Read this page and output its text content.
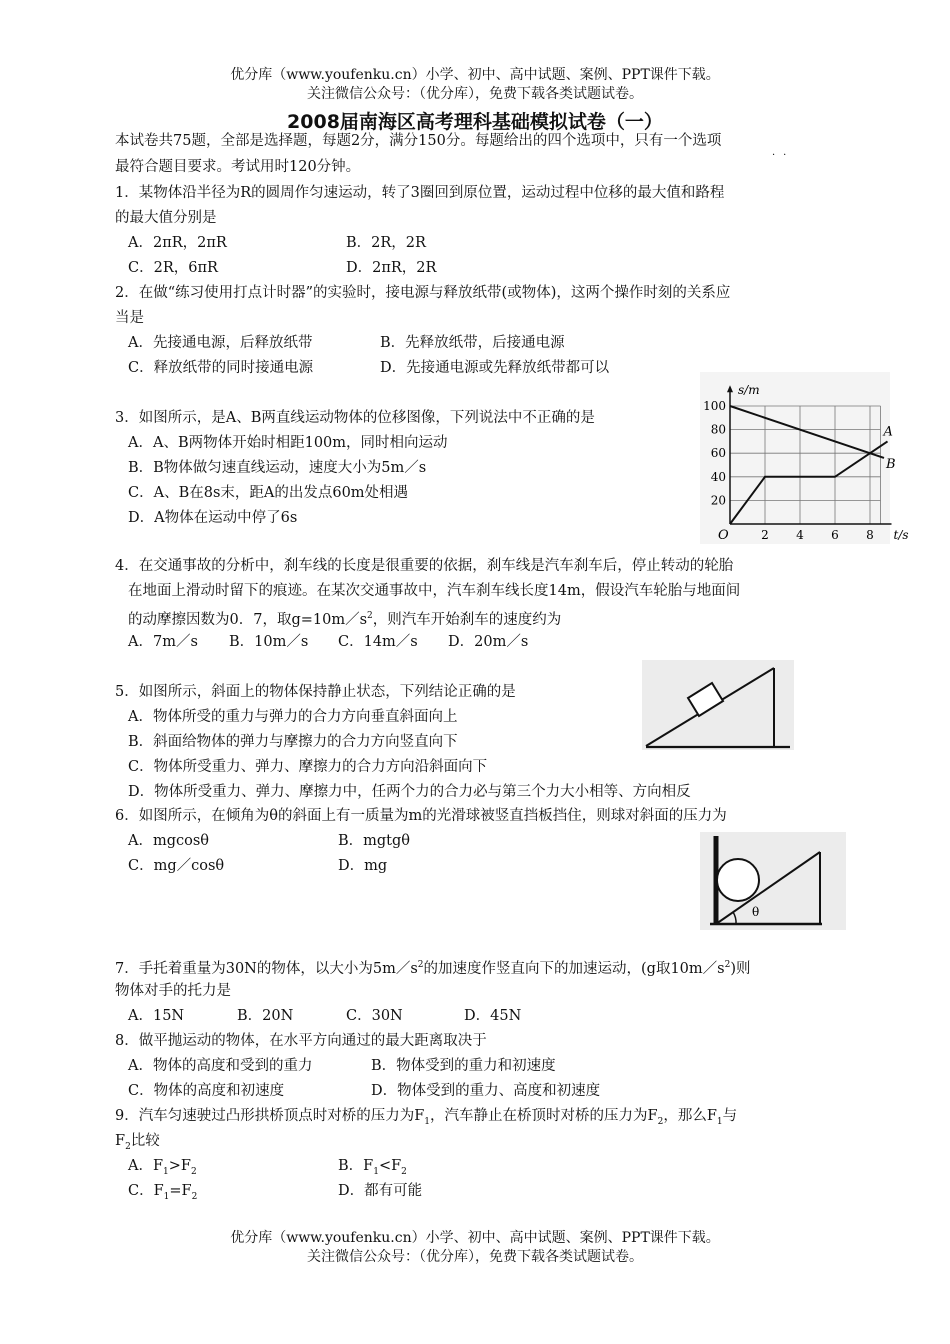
优分库（www.youfenku.cn）小学、初中、高中试题、案例、PPT课件下载。
关注微信公众号：（优分库），免费下载各类试题试卷。
2008届南海区高考理科基础模拟试卷（一）
本试卷共75题，全部是选择题，每题2分，满分150分。每题给出的四个选项中，只有一个选项
最符合题目要求。考试用时120分钟。
··
1．某物体沿半径为R的圆周作匀速运动，转了3圈回到原位置，运动过程中位移的最大值和路程
的最大值分别是
A．2πR，2πR	B．2R，2R
C．2R，6πR	D．2πR，2R
2．在做“练习使用打点计时器”的实验时，接电源与释放纸带(或物体)，这两个操作时刻的关系应
当是
A．先接通电源，后释放纸带	B．先释放纸带，后接通电源
C．释放纸带的同时接通电源	D．先接通电源或先释放纸带都可以
3．如图所示，是A、B两直线运动物体的位移图像，下列说法中不正确的是
A．A、B两物体开始时相距100m，同时相向运动
B．B物体做匀速直线运动，速度大小为5m／s
C．A、B在8s末，距A的出发点60m处相遇
D．A物体在运动中停了6s
2 4 6 8
20
40
60
80
100
O	t/s
s/m
A
B
4．在交通事故的分析中，刹车线的长度是很重要的依据，刹车线是汽车刹车后，停止转动的轮胎
在地面上滑动时留下的痕迹。在某次交通事故中，汽车刹车线长度14m，假设汽车轮胎与地面间
的动摩擦因数为0．7，取$g=10m/s^2$，则汽车开始刹车的速度约为
A．7m／s B．10m／s C．14m／s D．20m／s
5．如图所示，斜面上的物体保持静止状态，下列结论正确的是
A．物体所受的重力与弹力的合力方向垂直斜面向上
B．斜面给物体的弹力与摩擦力的合力方向竖直向下
C．物体所受重力、弹力、摩擦力的合力方向沿斜面向下
D．物体所受重力、弹力、摩擦力中，任两个力的合力必与第三个力大小相等、方向相反
6．如图所示，在倾角为θ的斜面上有一质量为m的光滑球被竖直挡板挡住，则球对斜面的压力为
A．mgcosθ	B．mgtgθ
C．mg／cosθ	D．mg
θ
7．手托着重量为30N的物体，以大小为$5m/s^2$的加速度作竖直向下的加速运动，(g取$10m/s^2$)则
物体对手的托力是
A．15N	B．20N	C．30N	D．45N
8．做平抛运动的物体，在水平方向通过的最大距离取决于
A．物体的高度和受到的重力	B．物体受到的重力和初速度
C．物体的高度和初速度	D．物体受到的重力、高度和初速度
9．汽车匀速驶过凸形拱桥顶点时对桥的压力为$F_1$，汽车静止在桥顶时对桥的压力为$F_2$，那么$F_1$与
$F_2$比较
A．$F_1>F_2$	B．$F_1<F_2$
C．$F_1=F_2$	D．都有可能
优分库（www.youfenku.cn）小学、初中、高中试题、案例、PPT课件下载。
关注微信公众号：（优分库），免费下载各类试题试卷。
